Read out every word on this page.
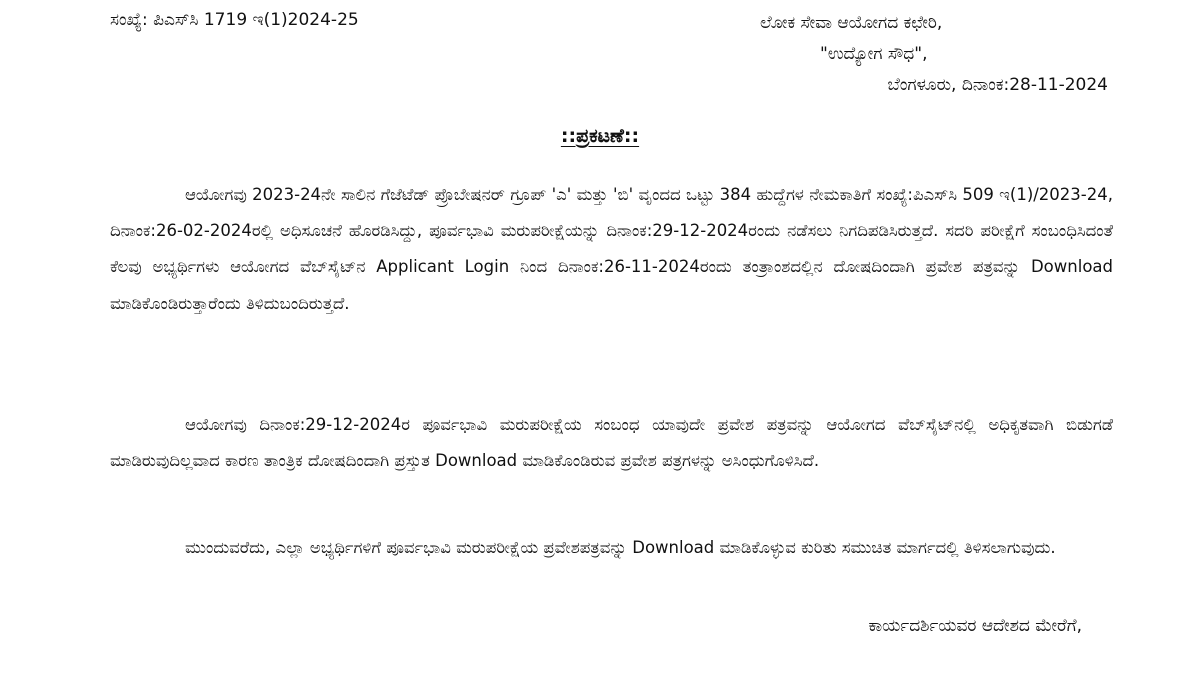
ಸಂಖ್ಯೆ: ಪಿಎಸ್‌ಸಿ 1719 ಇ(1)2024-25	ಲೋಕ ಸೇವಾ ಆಯೋಗದ ಕಛೇರಿ,
"ಉದ್ಯೋಗ ಸೌಧ",
ಬೆಂಗಳೂರು, ದಿನಾಂಕ:28-11-2024
::ಪ್ರಕಟಣೆ::

ಆಯೋಗವು 2023-24ನೇ ಸಾಲಿನ ಗೆಜೆಟೆಡ್ ಪ್ರೊಬೇಷನರ್ ಗ್ರೂಪ್ 'ಎ' ಮತ್ತು 'ಬಿ' ವೃಂದದ ಒಟ್ಟು 384 ಹುದ್ದೆಗಳ ನೇಮಕಾತಿಗೆ ಸಂಖ್ಯೆ:ಪಿಎಸ್‌ಸಿ 509 ಇ(1)/2023-24, ದಿನಾಂಕ:26-02-2024ರಲ್ಲಿ ಅಧಿಸೂಚನೆ ಹೊರಡಿಸಿದ್ದು, ಪೂರ್ವಭಾವಿ ಮರುಪರೀಕ್ಷೆಯನ್ನು ದಿನಾಂಕ:29-12-2024ರಂದು ನಡೆಸಲು ನಿಗದಿಪಡಿಸಿರುತ್ತದೆ. ಸದರಿ ಪರೀಕ್ಷೆಗೆ ಸಂಬಂಧಿಸಿದಂತೆ ಕೆಲವು ಅಭ್ಯರ್ಥಿಗಳು ಆಯೋಗದ ವೆಬ್‌ಸೈಟ್‌ನ Applicant Login ನಿಂದ ದಿನಾಂಕ:26-11-2024ರಂದು ತಂತ್ರಾಂಶದಲ್ಲಿನ ದೋಷದಿಂದಾಗಿ ಪ್ರವೇಶ ಪತ್ರವನ್ನು Download ಮಾಡಿಕೊಂಡಿರುತ್ತಾರೆಂದು ತಿಳಿದುಬಂದಿರುತ್ತದೆ.

ಆಯೋಗವು ದಿನಾಂಕ:29-12-2024ರ ಪೂರ್ವಭಾವಿ ಮರುಪರೀಕ್ಷೆಯ ಸಂಬಂಧ ಯಾವುದೇ ಪ್ರವೇಶ ಪತ್ರವನ್ನು ಆಯೋಗದ ವೆಬ್‌ಸೈಟ್‌ನಲ್ಲಿ ಅಧಿಕೃತವಾಗಿ ಬಿಡುಗಡೆ ಮಾಡಿರುವುದಿಲ್ಲವಾದ ಕಾರಣ ತಾಂತ್ರಿಕ ದೋಷದಿಂದಾಗಿ ಪ್ರಸ್ತುತ Download ಮಾಡಿಕೊಂಡಿರುವ ಪ್ರವೇಶ ಪತ್ರಗಳನ್ನು ಅಸಿಂಧುಗೊಳಿಸಿದೆ.

ಮುಂದುವರೆದು, ಎಲ್ಲಾ ಅಭ್ಯರ್ಥಿಗಳಿಗೆ ಪೂರ್ವಭಾವಿ ಮರುಪರೀಕ್ಷೆಯ ಪ್ರವೇಶಪತ್ರವನ್ನು Download ಮಾಡಿಕೊಳ್ಳುವ ಕುರಿತು ಸಮುಚಿತ ಮಾರ್ಗದಲ್ಲಿ ತಿಳಿಸಲಾಗುವುದು.

ಕಾರ್ಯದರ್ಶಿಯವರ ಆದೇಶದ ಮೇರೆಗೆ,
